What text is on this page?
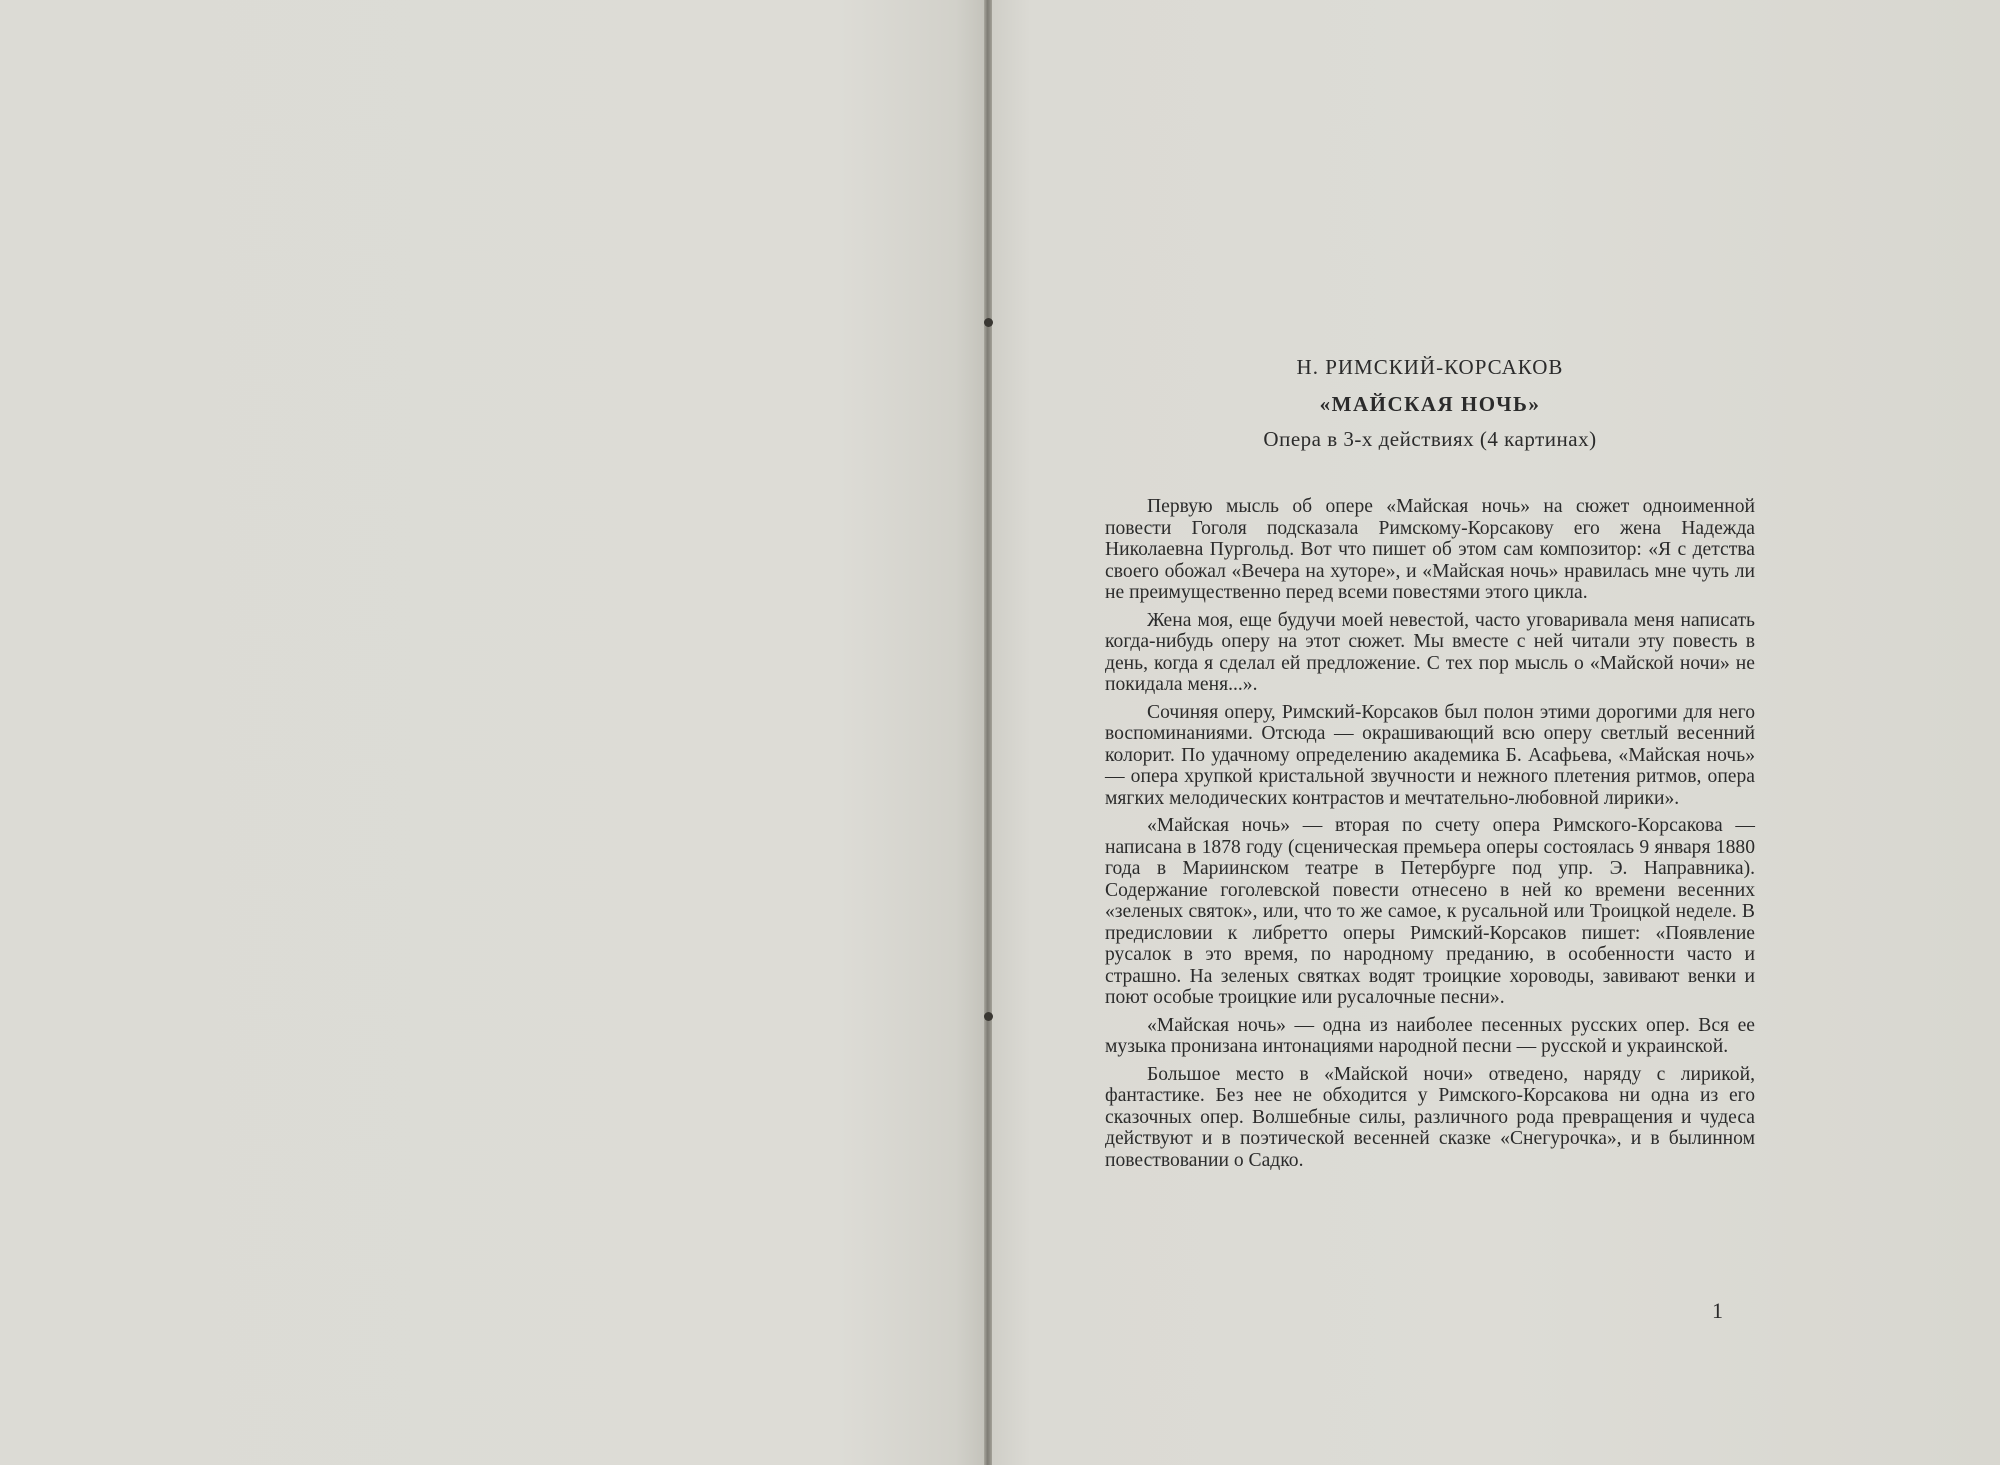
Н. РИМСКИЙ-КОРСАКОВ
«МАЙСКАЯ НОЧЬ»
Опера в 3-х действиях (4 картинах)

Первую мысль об опере «Майская ночь» на сюжет одноименной повести Гоголя подсказала Римскому-Корсакову его жена Надежда Николаевна Пургольд. Вот что пишет об этом сам композитор: «Я с детства своего обожал «Вечера на хуторе», и «Майская ночь» нравилась мне чуть ли не преимущественно перед всеми повестями этого цикла.

Жена моя, еще будучи моей невестой, часто уговаривала меня написать когда-нибудь оперу на этот сюжет. Мы вместе с ней читали эту повесть в день, когда я сделал ей предложение. С тех пор мысль о «Майской ночи» не покидала меня...».

Сочиняя оперу, Римский-Корсаков был полон этими дорогими для него воспоминаниями. Отсюда — окрашивающий всю оперу светлый весенний колорит. По удачному определению академика Б. Асафьева, «Майская ночь» — опера хрупкой кристальной звучности и нежного плетения ритмов, опера мягких мелодических контрастов и мечтательно-любовной лирики».

«Майская ночь» — вторая по счету опера Римского-Корсакова — написана в 1878 году (сценическая премьера оперы состоялась 9 января 1880 года в Мариинском театре в Петербурге под упр. Э. Направника). Содержание гоголевской повести отнесено в ней ко времени весенних «зеленых святок», или, что то же самое, к русальной или Троицкой неделе. В предисловии к либретто оперы Римский-Корсаков пишет: «Появление русалок в это время, по народному преданию, в особенности часто и страшно. На зеленых святках водят троицкие хороводы, завивают венки и поют особые троицкие или русалочные песни».

«Майская ночь» — одна из наиболее песенных русских опер. Вся ее музыка пронизана интонациями народной песни — русской и украинской.

Большое место в «Майской ночи» отведено, наряду с лирикой, фантастике. Без нее не обходится у Римского-Корсакова ни одна из его сказочных опер. Волшебные силы, различного рода превращения и чудеса действуют и в поэтической весенней сказке «Снегурочка», и в былинном повествовании о Садко.

1
